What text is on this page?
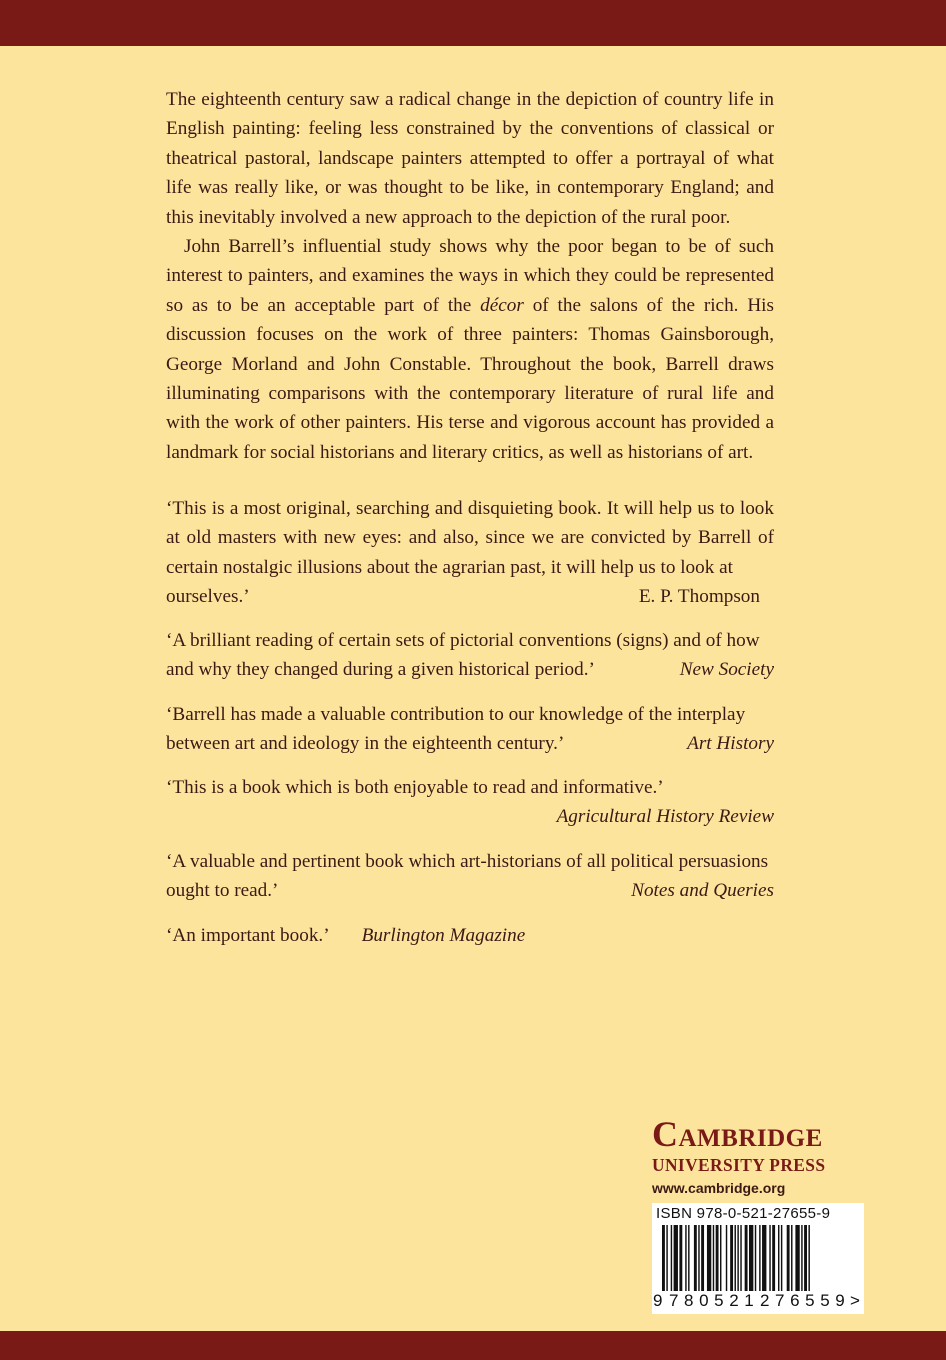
The eighteenth century saw a radical change in the depiction of country life in English painting: feeling less constrained by the conventions of classical or theatrical pastoral, landscape painters attempted to offer a portrayal of what life was really like, or was thought to be like, in contemporary England; and this inevitably involved a new approach to the depiction of the rural poor.

John Barrell’s influential study shows why the poor began to be of such interest to painters, and examines the ways in which they could be represented so as to be an acceptable part of the décor of the salons of the rich. His discussion focuses on the work of three painters: Thomas Gainsborough, George Morland and John Constable. Throughout the book, Barrell draws illuminating comparisons with the contemporary literature of rural life and with the work of other painters. His terse and vigorous account has provided a landmark for social historians and literary critics, as well as historians of art.

‘This is a most original, searching and disquieting book. It will help us to look at old masters with new eyes: and also, since we are convicted by Barrell of certain nostalgic illusions about the agrarian past, it will help us to look at

ourselves.’	E. P. Thompson

‘A brilliant reading of certain sets of pictorial conventions (signs) and of how

and why they changed during a given historical period.’	New Society

‘Barrell has made a valuable contribution to our knowledge of the interplay

between art and ideology in the eighteenth century.’	Art History

‘This is a book which is both enjoyable to read and informative.’

Agricultural History Review

‘A valuable and pertinent book which art-historians of all political persuasions

ought to read.’	Notes and Queries
‘An important book.’ Burlington Magazine
Cambridge
UNIVERSITY PRESS
www.cambridge.org
ISBN 978-0-521-27655-9
9 780521 276559 >
